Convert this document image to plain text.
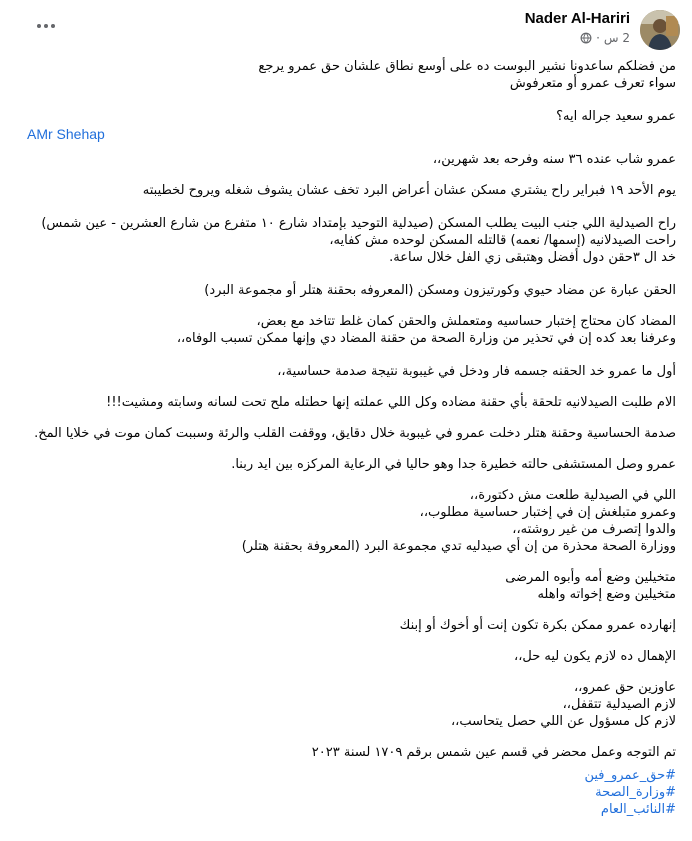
Nader Al-Hariri
2 س
·
AMr Shehap
من فضلكم ساعدونا نشير البوست ده على أوسع نطاق علشان حق عمرو يرجع
سواء تعرف عمرو أو متعرفوش
عمرو سعيد جراله ايه؟
عمرو شاب عنده ٣٦ سنه وفرحه بعد شهرين،،
يوم الأحد ١٩ فبراير راح يشتري مسكن عشان أعراض البرد تخف عشان يشوف شغله ويروح لخطيبته
راح الصيدلية اللي جنب البيت يطلب المسكن (صيدلية التوحيد بإمتداد شارع ١٠ متفرع من شارع العشرين - عين شمس)
راحت الصيدلانيه (إسمها/ نعمه) قالتله المسكن لوحده مش كفايه،
خد ال ٣حقن دول أفضل وهتبقى زي الفل خلال ساعة.
الحقن عبارة عن مضاد حيوي وكورتيزون ومسكن (المعروفه بحقنة هتلر أو مجموعة البرد)
المضاد كان محتاج إختبار حساسيه ومتعملش والحقن كمان غلط تتاخد مع بعض،
وعرفنا بعد كده إن في تحذير من وزارة الصحة من حقنة المضاد دي وإنها ممكن تسبب الوفاه،،
أول ما عمرو خد الحقنه جسمه فار ودخل في غيبوبة نتيجة صدمة حساسية،،
الام طلبت الصيدلانيه تلحقة بأي حقنة مضاده وكل اللي عملته إنها حطتله ملح تحت لسانه وسابته ومشيت!!!
صدمة الحساسية وحقنة هتلر دخلت عمرو في غيبوبة خلال دقايق، ووقفت القلب والرئة وسببت كمان موت في خلايا المخ.
عمرو وصل المستشفى حالته خطيرة جدا وهو حاليا في الرعاية المركزه بين ايد ربنا.
اللي في الصيدلية طلعت مش دكتورة،،
وعمرو متبلغش إن في إختبار حساسية مطلوب،،
والدوا إتصرف من غير روشته،،
ووزارة الصحة محذرة من إن أي صيدليه تدي مجموعة البرد (المعروفة بحقنة هتلر)
متخيلين وضع أمه وأبوه المرضى
متخيلين وضع إخواته واهله
إنهارده عمرو ممكن بكرة تكون إنت أو أخوك أو إبنك
الإهمال ده لازم يكون ليه حل،،
عاوزين حق عمرو،،
لازم الصيدلية تتقفل،،
لازم كل مسؤول عن اللي حصل يتحاسب،،
تم التوجه وعمل محضر في قسم عين شمس برقم ١٧٠٩ لسنة ٢٠٢٣
#حق_عمرو_فين
#وزارة_الصحة
#النائب_العام
